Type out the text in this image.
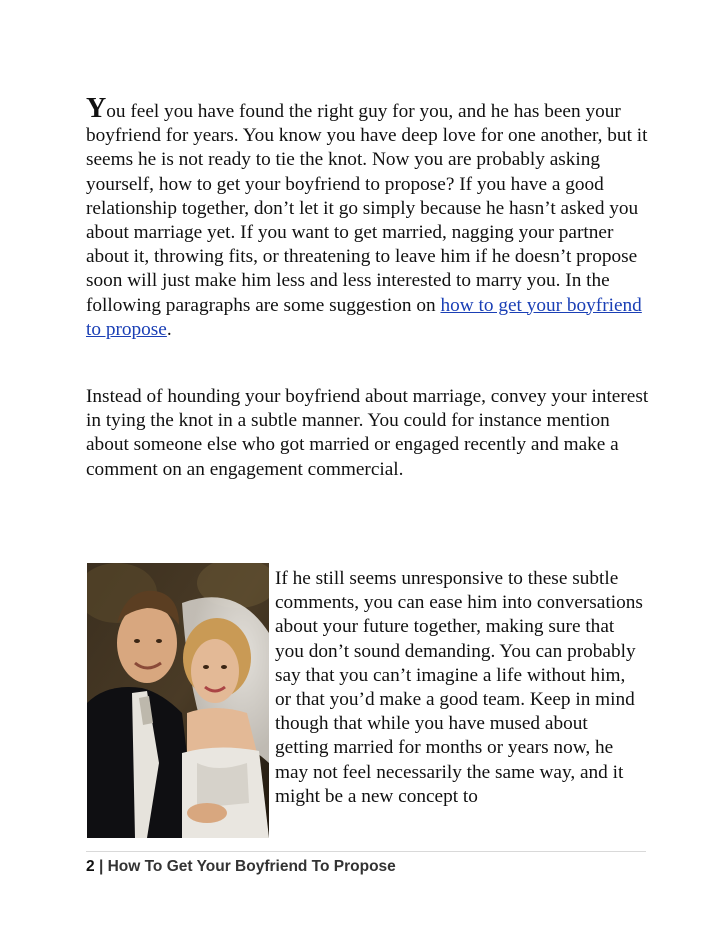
You feel you have found the right guy for you, and he has been your boyfriend for years. You know you have deep love for one another, but it seems he is not ready to tie the knot. Now you are probably asking yourself, how to get your boyfriend to propose? If you have a good relationship together, don’t let it go simply because he hasn’t asked you about marriage yet. If you want to get married, nagging your partner about it, throwing fits, or threatening to leave him if he doesn’t propose soon will just make him less and less interested to marry you. In the following paragraphs are some suggestion on how to get your boyfriend to propose.

Instead of hounding your boyfriend about marriage, convey your interest in tying the knot in a subtle manner. You could for instance mention about someone else who got married or engaged recently and make a comment on an engagement commercial.

If he still seems unresponsive to these subtle comments, you can ease him into conversations about your future together, making sure that you don’t sound demanding. You can probably say that you can’t imagine a life without him, or that you’d make a good team. Keep in mind though that while you have mused about getting married for months or years now, he may not feel necessarily the same way, and it might be a new concept to

2 | How To Get Your Boyfriend To Propose
